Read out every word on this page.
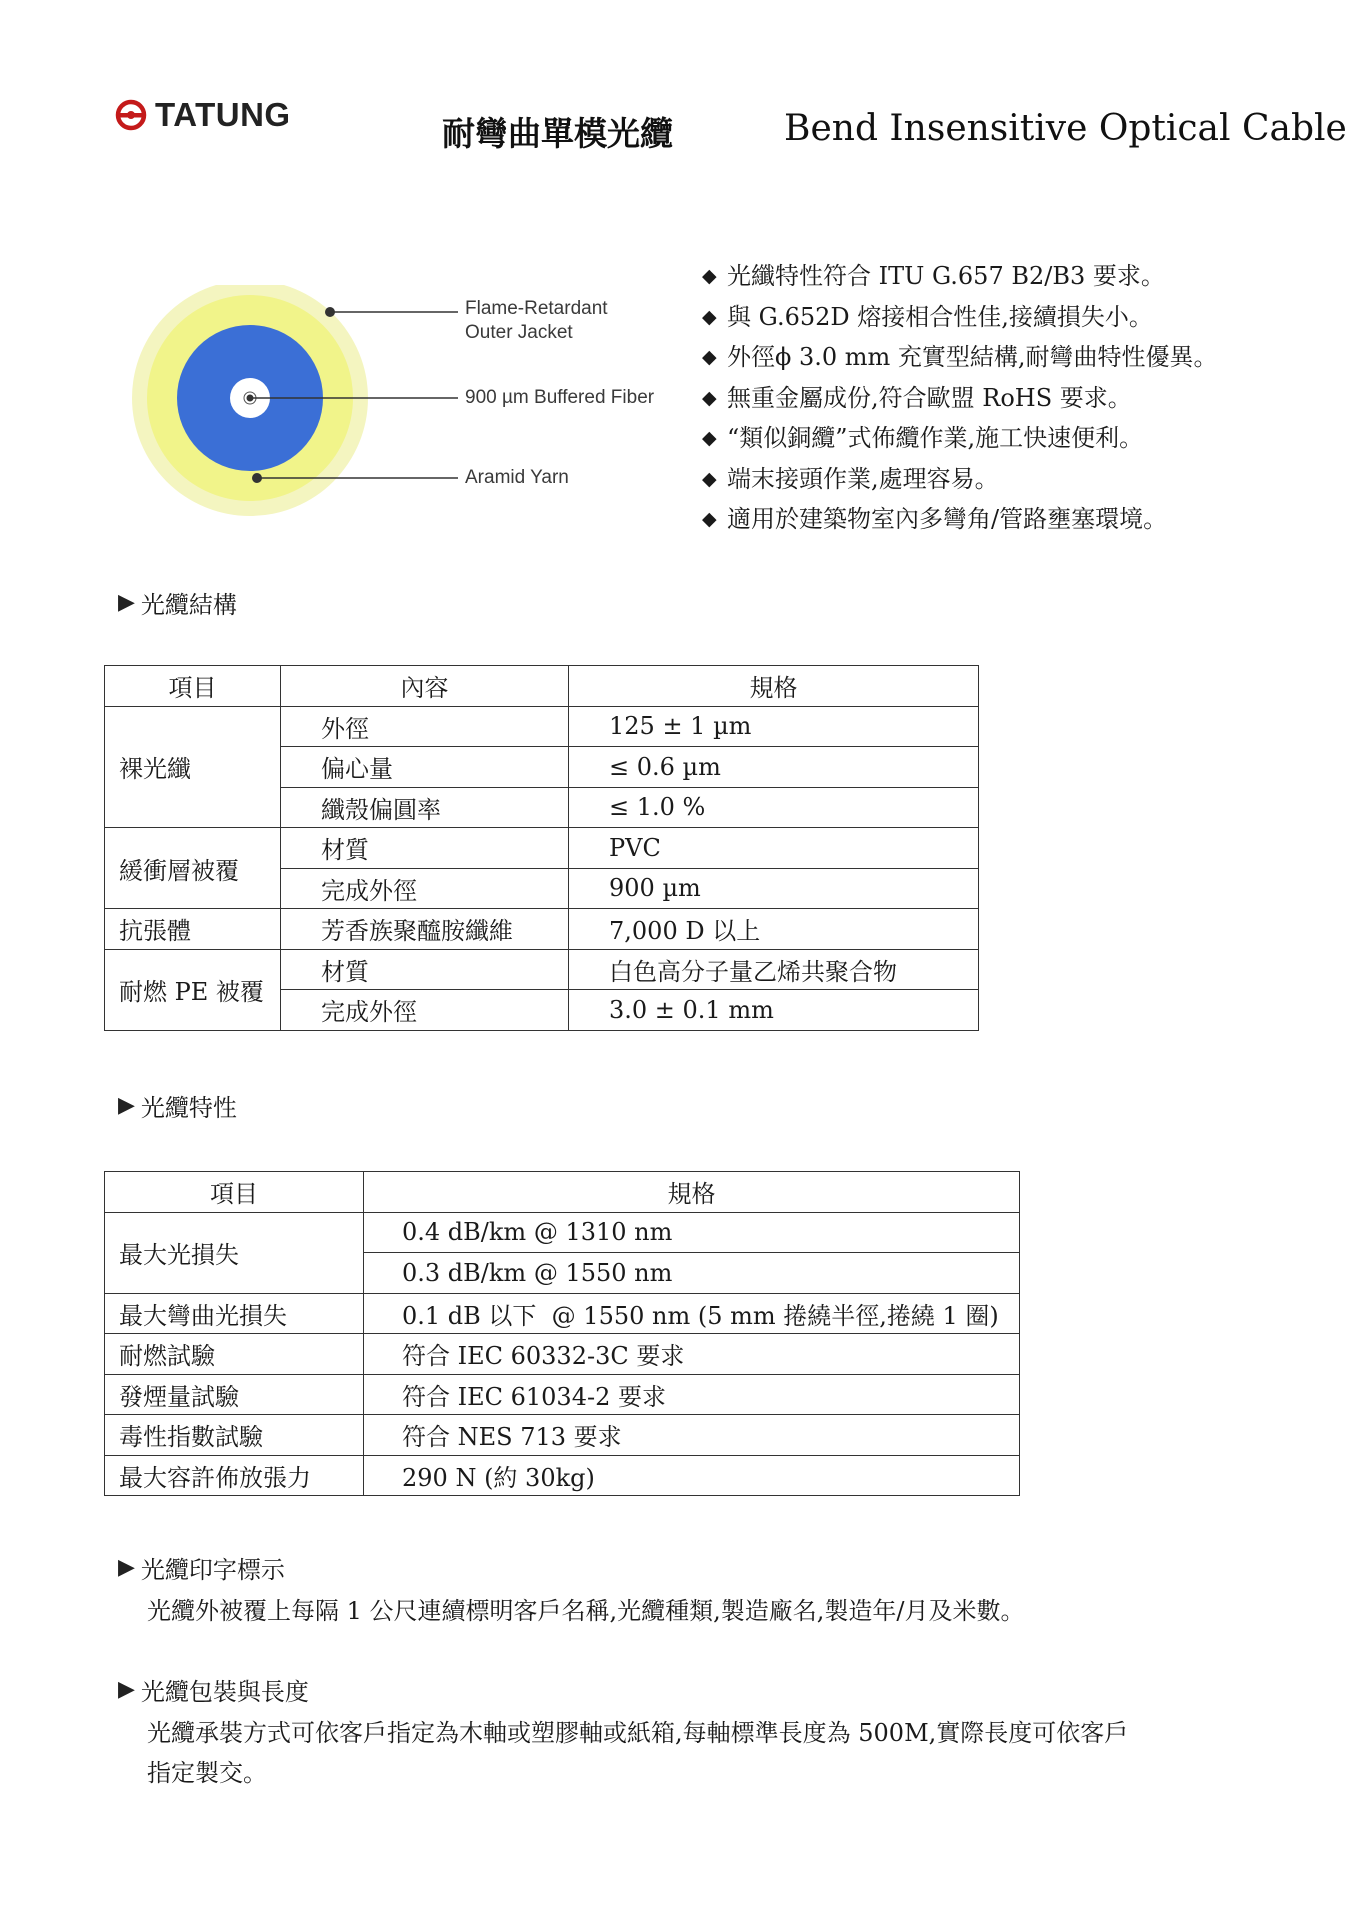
TATUNG	耐彎曲單模光纜	Bend Insensitive Optical Cable
Flame-Retardant
Outer Jacket
900 µm Buffered Fiber
Aramid Yarn
◆ 光纖特性符合 ITU G.657 B2/B3 要求。
◆ 與 G.652D 熔接相合性佳,接續損失小。
◆ 外徑ϕ 3.0 mm 充實型結構,耐彎曲特性優異。
◆ 無重金屬成份,符合歐盟 RoHS 要求。
◆ “類似銅纜”式佈纜作業,施工快速便利。
◆ 端末接頭作業,處理容易。
◆ 適用於建築物室內多彎角/管路壅塞環境。
▶ 光纜結構
項目	內容	規格
裸光纖	外徑	125 ± 1 µm
	偏心量	≤ 0.6 µm
	纖殼偏圓率	≤ 1.0 %
緩衝層被覆	材質	PVC
	完成外徑	900 µm
抗張體	芳香族聚醯胺纖維	7,000 D 以上
耐燃 PE 被覆	材質	白色高分子量乙烯共聚合物
	完成外徑	3.0 ± 0.1 mm
▶ 光纜特性
項目	規格
最大光損失	0.4 dB/km @ 1310 nm
	0.3 dB/km @ 1550 nm
最大彎曲光損失	0.1 dB 以下  @ 1550 nm (5 mm 捲繞半徑,捲繞 1 圈)
耐燃試驗	符合 IEC 60332-3C 要求
發煙量試驗	符合 IEC 61034-2 要求
毒性指數試驗	符合 NES 713 要求
最大容許佈放張力	290 N (約 30kg)
▶ 光纜印字標示
光纜外被覆上每隔 1 公尺連續標明客戶名稱,光纜種類,製造廠名,製造年/月及米數。
▶ 光纜包裝與長度
光纜承裝方式可依客戶指定為木軸或塑膠軸或紙箱,每軸標準長度為 500M,實際長度可依客戶
指定製交。
